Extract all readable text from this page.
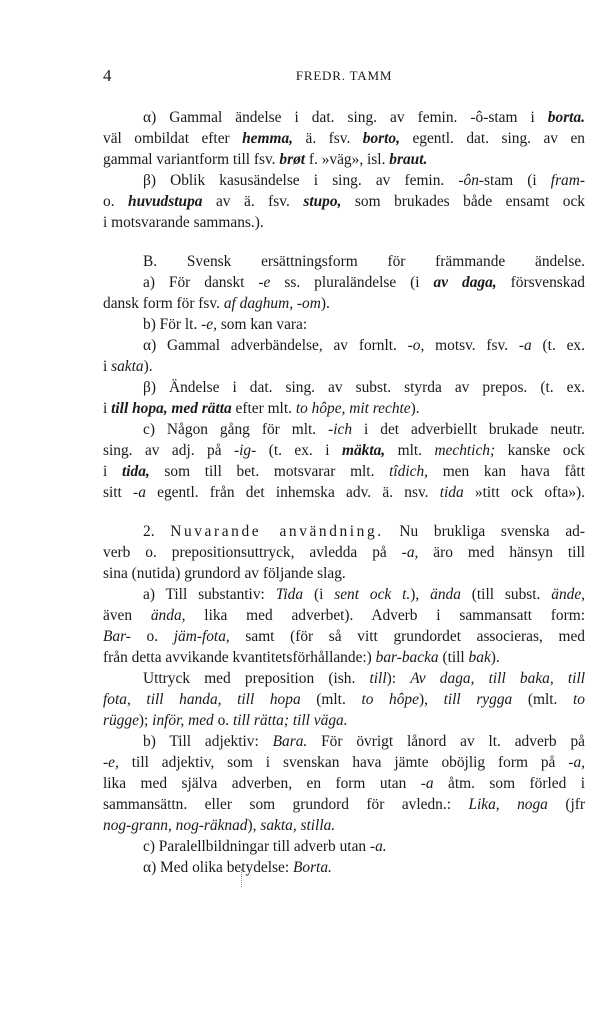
4	FREDR. TAMM
α) Gammal ändelse i dat. sing. av femin. -ô-stam i borta.
väl ombildat efter hemma, ä. fsv. borto, egentl. dat. sing. av en
gammal variantform till fsv. brøt f. »väg», isl. braut.
β) Oblik kasusändelse i sing. av femin. -ôn-stam (i fram-
o. huvudstupa av ä. fsv. stupo, som brukades både ensamt ock
i motsvarande sammans.).
B. Svensk ersättningsform för främmande ändelse.
a) För danskt -e ss. pluraländelse (i av daga, försvenskad
dansk form för fsv. af daghum, -om).
b) För lt. -e, som kan vara:
α) Gammal adverbändelse, av fornlt. -o, motsv. fsv. -a (t. ex.
i sakta).
β) Ändelse i dat. sing. av subst. styrda av prepos. (t. ex.
i till hopa, med rätta efter mlt. to hôpe, mit rechte).
c) Någon gång för mlt. -ich i det adverbiellt brukade neutr.
sing. av adj. på -ig- (t. ex. i mäkta, mlt. mechtich; kanske ock
i tida, som till bet. motsvarar mlt. tîdich, men kan hava fått
sitt -a egentl. från det inhemska adv. ä. nsv. tida »titt ock ofta»).
2. Nuvarande användning. Nu brukliga svenska ad-
verb o. prepositionsuttryck, avledda på -a, äro med hänsyn till
sina (nutida) grundord av följande slag.
a) Till substantiv: Tida (i sent ock t.), ända (till subst. ände,
även ända, lika med adverbet). Adverb i sammansatt form:
Bar- o. jäm-fota, samt (för så vitt grundordet associeras, med
från detta avvikande kvantitetsförhållande:) bar-backa (till bak).
Uttryck med preposition (ish. till): Av daga, till baka, till
fota, till handa, till hopa (mlt. to hôpe), till rygga (mlt. to
rügge); inför, med o. till rätta; till väga.
b) Till adjektiv: Bara. För övrigt lånord av lt. adverb på
-e, till adjektiv, som i svenskan hava jämte oböjlig form på -a,
lika med själva adverben, en form utan -a åtm. som förled i
sammansättn. eller som grundord för avledn.: Lika, noga (jfr
nog-grann, nog-räknad), sakta, stilla.
c) Paralellbildningar till adverb utan -a.
α) Med olika betydelse: Borta.
